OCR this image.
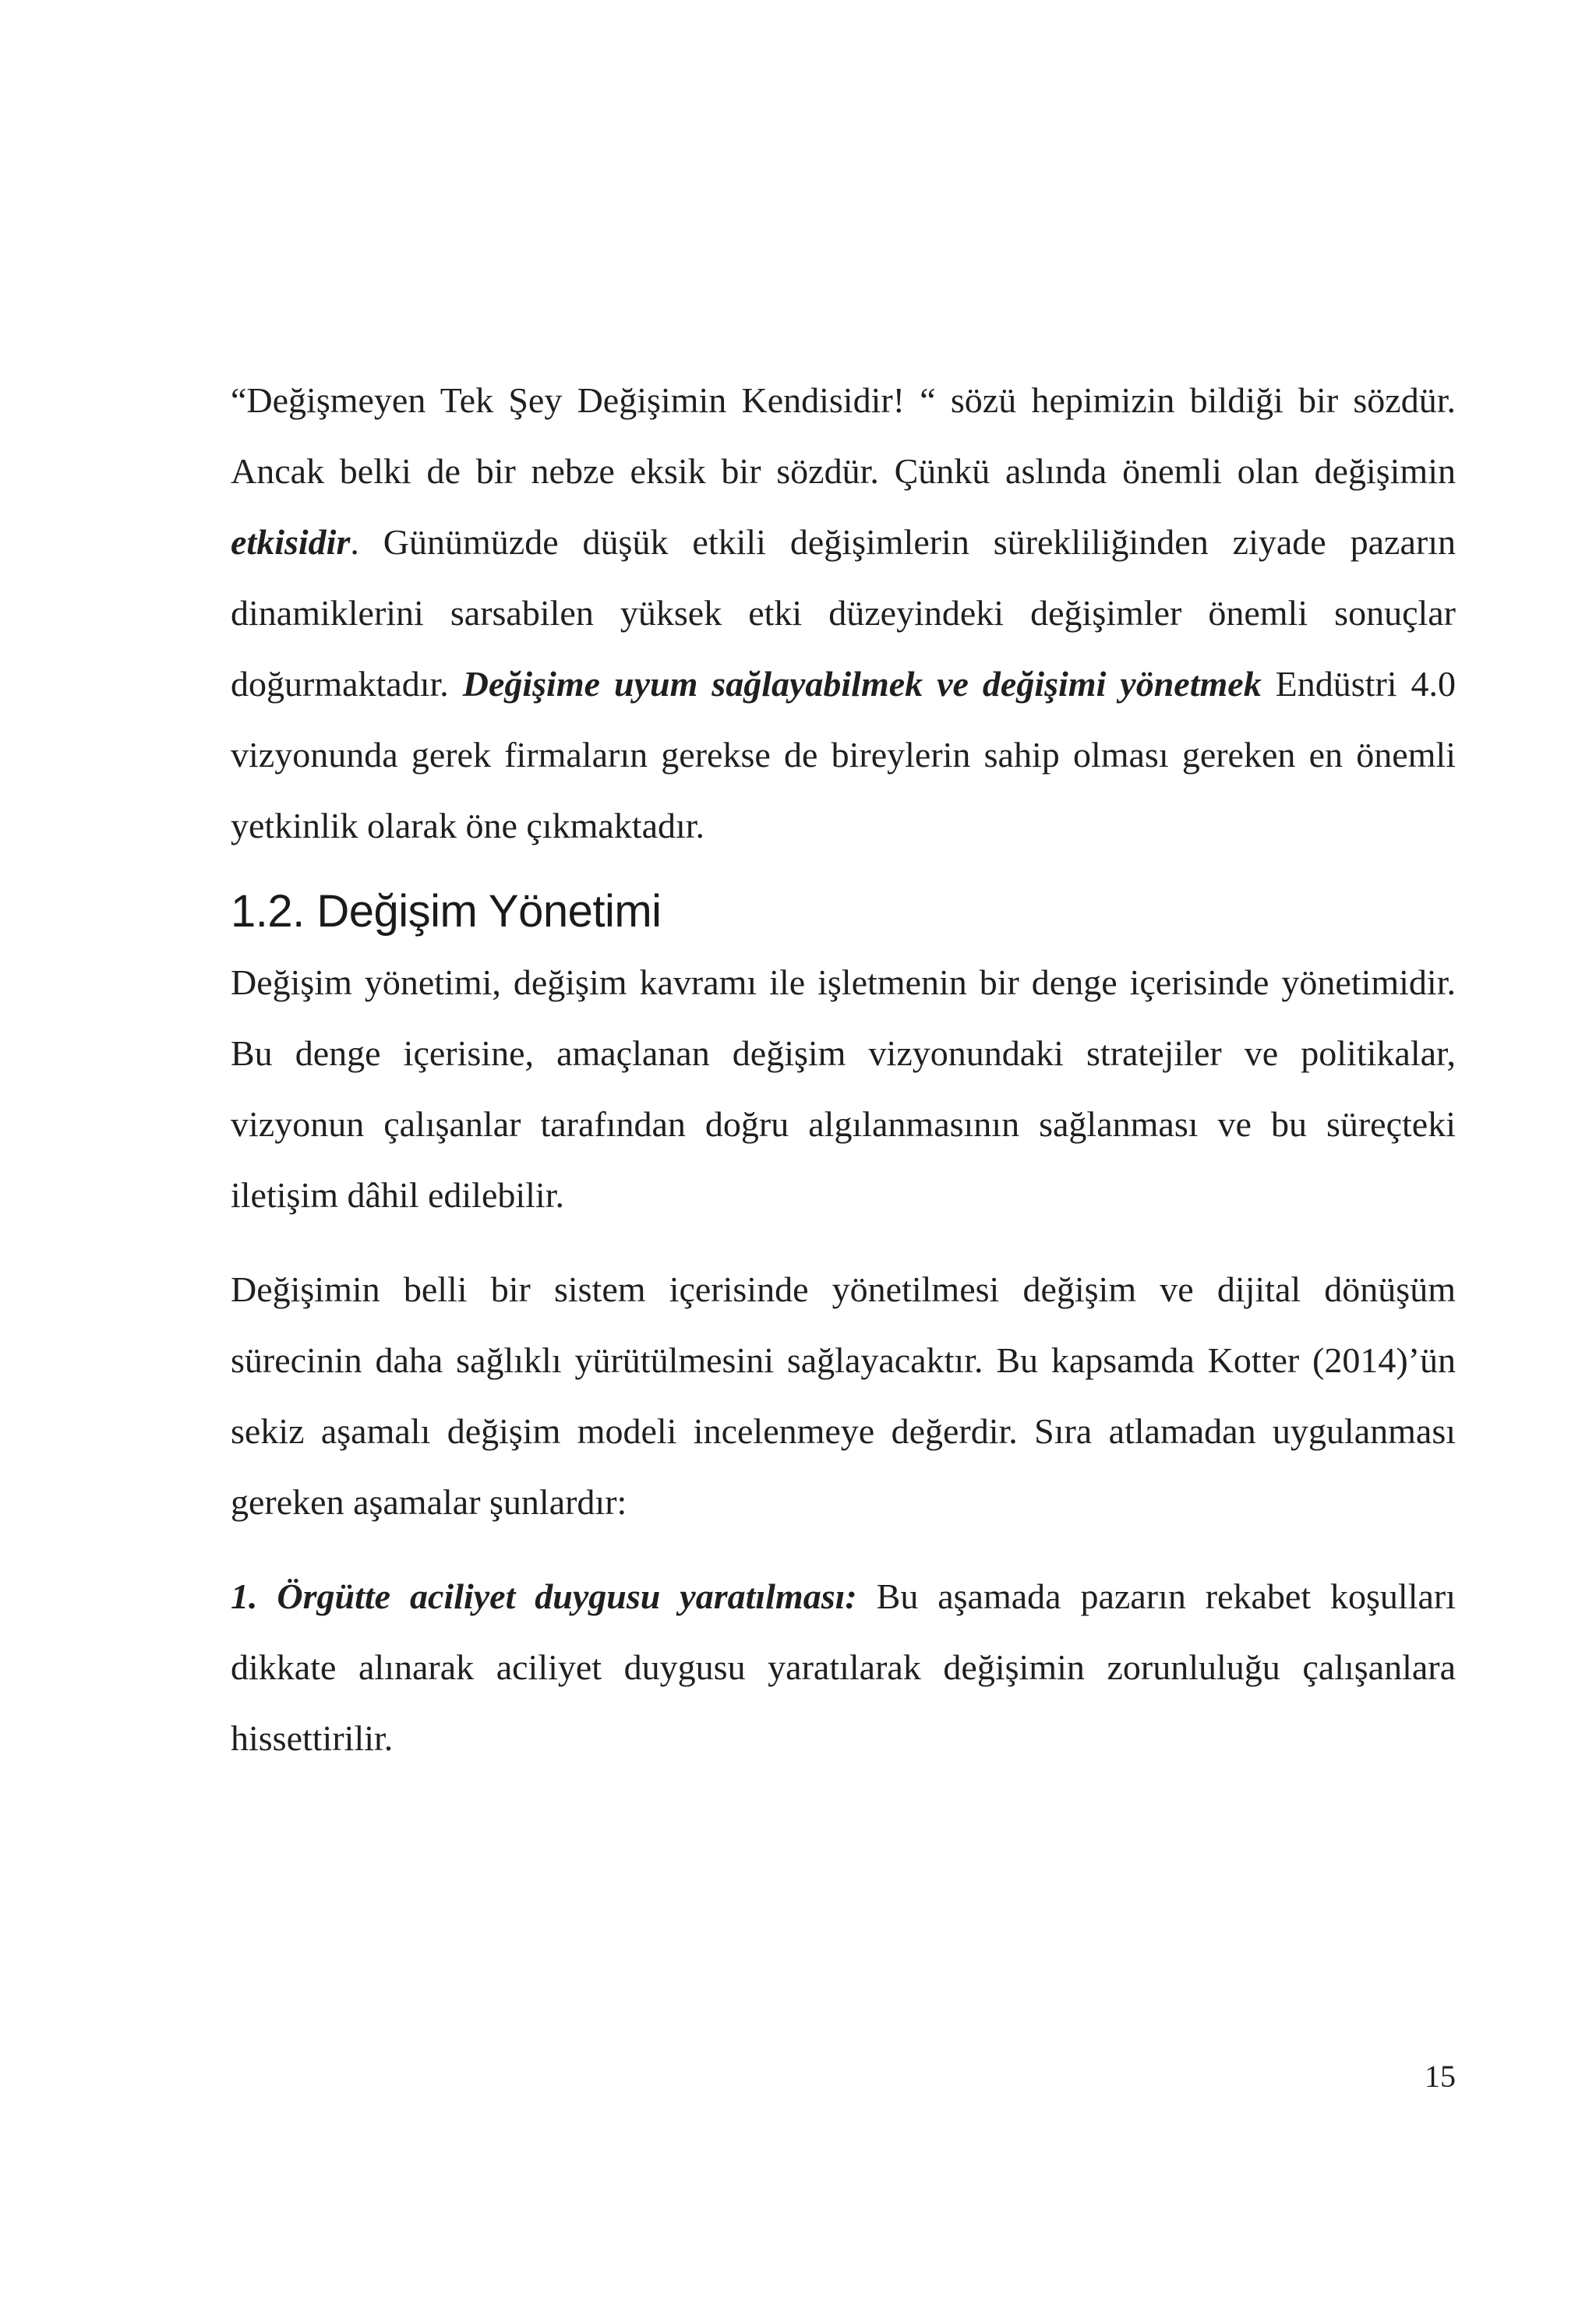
“Değişmeyen Tek Şey Değişimin Kendisidir! “ sözü hepimizin bildiği bir sözdür. Ancak belki de bir nebze eksik bir sözdür. Çünkü aslında önemli olan değişimin etkisidir. Günümüzde düşük etkili değişimlerin sürekliliğinden ziyade pazarın dinamiklerini sarsabilen yüksek etki düzeyindeki değişimler önemli sonuçlar doğurmaktadır. Değişime uyum sağlayabilmek ve değişimi yönetmek Endüstri 4.0 vizyonunda gerek firmaların gerekse de bireylerin sahip olması gereken en önemli yetkinlik olarak öne çıkmaktadır.

1.2. Değişim Yönetimi

Değişim yönetimi, değişim kavramı ile işletmenin bir denge içerisinde yönetimidir. Bu denge içerisine, amaçlanan değişim vizyonundaki stratejiler ve politikalar, vizyonun çalışanlar tarafından doğru algılanmasının sağlanması ve bu süreçteki iletişim dâhil edilebilir.

Değişimin belli bir sistem içerisinde yönetilmesi değişim ve dijital dönüşüm sürecinin daha sağlıklı yürütülmesini sağlayacaktır. Bu kapsamda Kotter (2014)’ün sekiz aşamalı değişim modeli incelenmeye değerdir. Sıra atlamadan uygulanması gereken aşamalar şunlardır:

1. Örgütte aciliyet duygusu yaratılması: Bu aşamada pazarın rekabet koşulları dikkate alınarak aciliyet duygusu yaratılarak değişimin zorunluluğu çalışanlara hissettirilir.

15
